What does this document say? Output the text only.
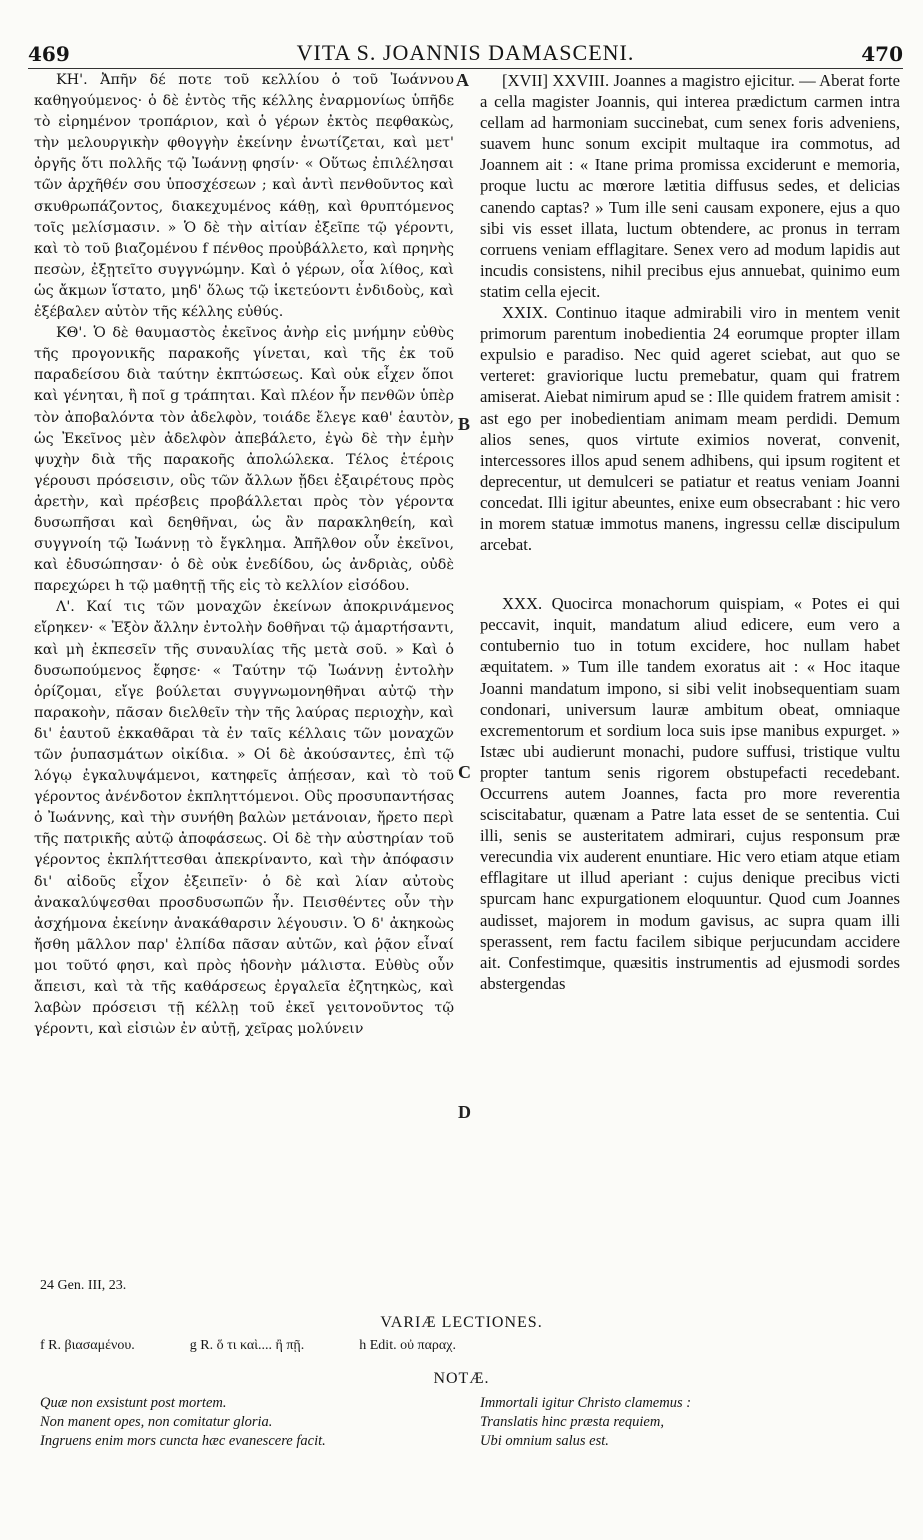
469	VITA S. JOANNIS DAMASCENI.	470

ΚΗ'. Ἀπῆν δέ ποτε τοῦ κελλίου ὁ τοῦ Ἰωάννου καθηγούμενος· ὁ δὲ ἐντὸς τῆς κέλλης ἐναρμονίως ὑπῆδε τὸ εἰρημένον τροπάριον, καὶ ὁ γέρων ἐκτὸς πεφθακὼς, τὴν μελουργικὴν φθογγὴν ἐκείνην ἐνωτίζεται, καὶ μετ' ὀργῆς ὅτι πολλῆς τῷ Ἰωάννῃ φησίν· « Οὕτως ἐπιλέλησαι τῶν ἀρχῆθέν σου ὑποσχέσεων ; καὶ ἀντὶ πενθοῦντος καὶ σκυθρωπάζοντος, διακεχυμένος κάθῃ, καὶ θρυπτόμενος τοῖς μελίσμασιν. » Ὁ δὲ τὴν αἰτίαν ἐξεῖπε τῷ γέροντι, καὶ τὸ τοῦ βιαζομένου f πένθος προὐβάλλετο, καὶ πρηνὴς πεσὼν, ἐξῃτεῖτο συγγνώμην. Καὶ ὁ γέρων, οἷα λίθος, καὶ ὡς ἄκμων ἵστατο, μηδ' ὅλως τῷ ἱκετεύοντι ἐνδιδοὺς, καὶ ἐξέβαλεν αὐτὸν τῆς κέλλης εὐθύς.

ΚΘ'. Ὁ δὲ θαυμαστὸς ἐκεῖνος ἀνὴρ εἰς μνήμην εὐθὺς τῆς προγονικῆς παρακοῆς γίνεται, καὶ τῆς ἐκ τοῦ παραδείσου διὰ ταύτην ἐκπτώσεως. Καὶ οὐκ εἶχεν ὅποι καὶ γένηται, ἢ ποῖ g τράπηται. Καὶ πλέον ἦν πενθῶν ὑπὲρ τὸν ἀποβαλόντα τὸν ἀδελφὸν, τοιάδε ἔλεγε καθ' ἑαυτὸν, ὡς Ἐκεῖνος μὲν ἀδελφὸν ἀπεβάλετο, ἐγὼ δὲ τὴν ἐμὴν ψυχὴν διὰ τῆς παρακοῆς ἀπολώλεκα. Τέλος ἑτέροις γέρουσι πρόσεισιν, οὓς τῶν ἄλλων ᾔδει ἐξαιρέτους πρὸς ἀρετὴν, καὶ πρέσβεις προβάλλεται πρὸς τὸν γέροντα δυσωπῆσαι καὶ δεηθῆναι, ὡς ἂν παρακληθείη, καὶ συγγνοίη τῷ Ἰωάννῃ τὸ ἔγκλημα. Ἀπῆλθον οὖν ἐκεῖνοι, καὶ ἐδυσώπησαν· ὁ δὲ οὐκ ἐνεδίδου, ὡς ἀνδριὰς, οὐδὲ παρεχώρει h τῷ μαθητῇ τῆς εἰς τὸ κελλίον εἰσόδου.

Λ'. Καί τις τῶν μοναχῶν ἐκείνων ἀποκρινάμενος εἴρηκεν· « Ἐξὸν ἄλλην ἐντολὴν δοθῆναι τῷ ἁμαρτήσαντι, καὶ μὴ ἐκπεσεῖν τῆς συναυλίας τῆς μετὰ σοῦ. » Καὶ ὁ δυσωπούμενος ἔφησε· « Ταύτην τῷ Ἰωάννῃ ἐντολὴν ὁρίζομαι, εἴγε βούλεται συγγνωμονηθῆναι αὐτῷ τὴν παρακοὴν, πᾶσαν διελθεῖν τὴν τῆς λαύρας περιοχὴν, καὶ δι' ἑαυτοῦ ἐκκαθᾶραι τὰ ἐν ταῖς κέλλαις τῶν μοναχῶν τῶν ῥυπασμάτων οἰκίδια. » Οἱ δὲ ἀκούσαντες, ἐπὶ τῷ λόγῳ ἐγκαλυψάμενοι, κατηφεῖς ἀπῄεσαν, καὶ τὸ τοῦ γέροντος ἀνένδοτον ἐκπληττόμενοι. Οὓς προσυπαντήσας ὁ Ἰωάννης, καὶ τὴν συνήθη βαλὼν μετάνοιαν, ἤρετο περὶ τῆς πατρικῆς αὐτῷ ἀποφάσεως. Οἱ δὲ τὴν αὐστηρίαν τοῦ γέροντος ἐκπλήττεσθαι ἀπεκρίναντο, καὶ τὴν ἀπόφασιν δι' αἰδοῦς εἶχον ἐξειπεῖν· ὁ δὲ καὶ λίαν αὐτοὺς ἀνακαλύψεσθαι προσδυσωπῶν ἦν. Πεισθέντες οὖν τὴν ἀσχήμονα ἐκείνην ἀνακάθαρσιν λέγουσιν. Ὁ δ' ἀκηκοὼς ἤσθη μᾶλλον παρ' ἐλπίδα πᾶσαν αὐτῶν, καὶ ῥᾷον εἶναί μοι τοῦτό φησι, καὶ πρὸς ἡδονὴν μάλιστα. Εὐθὺς οὖν ἄπεισι, καὶ τὰ τῆς καθάρσεως ἐργαλεῖα ἐζητηκὼς, καὶ λαβὼν πρόσεισι τῇ κέλλῃ τοῦ ἐκεῖ γειτονοῦντος τῷ γέροντι, καὶ εἰσιὼν ἐν αὐτῇ, χεῖρας μολύνειν

A
B
C
D

[XVII] XXVIII. Joannes a magistro ejicitur. — Aberat forte a cella magister Joannis, qui interea prædictum carmen intra cellam ad harmoniam succinebat, cum senex foris adveniens, suavem hunc sonum excipit multaque ira commotus, ad Joannem ait : « Itane prima promissa exciderunt e memoria, proque luctu ac mœrore lætitia diffusus sedes, et delicias canendo captas? » Tum ille seni causam exponere, ejus a quo sibi vis esset illata, luctum obtendere, ac pronus in terram corruens veniam efflagitare. Senex vero ad modum lapidis aut incudis consistens, nihil precibus ejus annuebat, quinimo eum statim cella ejecit.

XXIX. Continuo itaque admirabili viro in mentem venit primorum parentum inobedientia 24 eorumque propter illam expulsio e paradiso. Nec quid ageret sciebat, aut quo se verteret: graviorique luctu premebatur, quam qui fratrem amiserat. Aiebat nimirum apud se : Ille quidem fratrem amisit : ast ego per inobedientiam animam meam perdidi. Demum alios senes, quos virtute eximios noverat, convenit, intercessores illos apud senem adhibens, qui ipsum rogitent et deprecentur, ut demulceri se patiatur et reatus veniam Joanni concedat. Illi igitur abeuntes, enixe eum obsecrabant : hic vero in morem statuæ immotus manens, ingressu cellæ discipulum arcebat.

XXX. Quocirca monachorum quispiam, « Potes ei qui peccavit, inquit, mandatum aliud edicere, eum vero a contubernio tuo in totum excidere, hoc nullam habet æquitatem. » Tum ille tandem exoratus ait : « Hoc itaque Joanni mandatum impono, si sibi velit inobsequentiam suam condonari, universum lauræ ambitum obeat, omniaque excrementorum et sordium loca suis ipse manibus expurget. » Istæc ubi audierunt monachi, pudore suffusi, tristique vultu propter tantum senis rigorem obstupefacti recedebant. Occurrens autem Joannes, facta pro more reverentia sciscitabatur, quænam a Patre lata esset de se sententia. Cui illi, senis se austeritatem admirari, cujus responsum præ verecundia vix auderent enuntiare. Hic vero etiam atque etiam efflagitare ut illud aperiant : cujus denique precibus victi spurcam hanc expurgationem eloquuntur. Quod cum Joannes audisset, majorem in modum gavisus, ac supra quam illi sperassent, rem factu facilem sibique perjucundam accidere ait. Confestimque, quæsitis instrumentis ad ejusmodi sordes abstergendas

24 Gen. III, 23.
VARIÆ LECTIONES.
f R. βιασαμένου.	g R. ὅ τι καὶ.... ἢ πῇ.	h Edit. οὐ παραχ.
NOTÆ.
Quæ non exsistunt post mortem.
Non manent opes, non comitatur gloria.
Ingruens enim mors cuncta hæc evanescere facit.
Immortali igitur Christo clamemus :
Translatis hinc præsta requiem,
Ubi omnium salus est.
